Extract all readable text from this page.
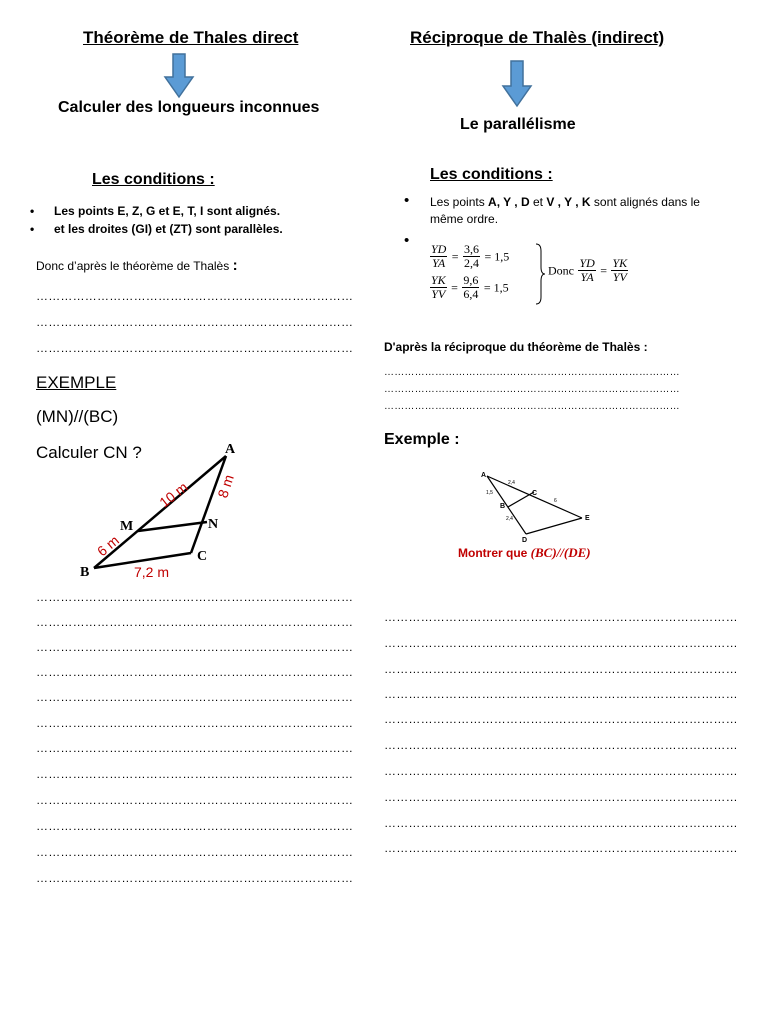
Théorème de Thales direct
Calculer des longueurs inconnues
Les conditions :
• Les points E, Z, G et E, T, I sont alignés.
• et les droites (GI) et (ZT) sont parallèles.
Donc d’après le théorème de Thalès :
……………………………………………………………………
……………………………………………………………………
……………………………………………………………………
EXEMPLE
(MN)//(BC)
Calculer CN ?	A
B
C
M	N
10 m 8 m
6 m
7,2 m
……………………………………………………………………
……………………………………………………………………
……………………………………………………………………
……………………………………………………………………
……………………………………………………………………
……………………………………………………………………
……………………………………………………………………
……………………………………………………………………
……………………………………………………………………
……………………………………………………………………
……………………………………………………………………
……………………………………………………………………
Réciproque de Thalès (indirect)
Le parallélisme
Les conditions :
• Les points A, Y , D et V , Y , K sont alignés dans le même ordre.
•
$\frac{YD}{YA} = \frac{3,6}{2,4} = 1,5$
$\frac{YK}{YV} = \frac{9,6}{6,4} = 1,5$
Donc $\frac{YD}{YA} = \frac{YK}{YV}$
D'après la réciproque du théorème de Thalès :
……………………………………………………………………………
……………………………………………………………………………
……………………………………………………………………………
Exemple :
A
B
C
D
E
2,4
1,5
2,4
6
Montrer que (BC)//(DE)
……………………………………………………………………………
……………………………………………………………………………
……………………………………………………………………………
……………………………………………………………………………
……………………………………………………………………………
……………………………………………………………………………
……………………………………………………………………………
……………………………………………………………………………
……………………………………………………………………………
……………………………………………………………………………
